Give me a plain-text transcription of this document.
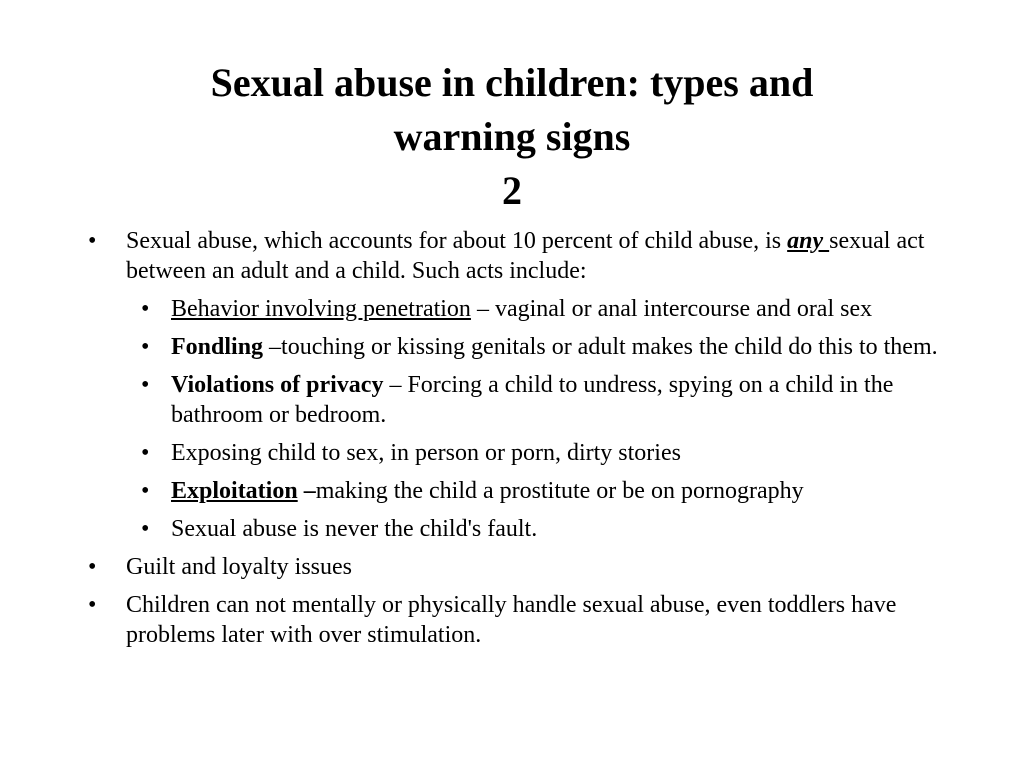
Sexual abuse in children: types and
warning signs
2
• Sexual abuse, which accounts for about 10 percent of child abuse, is any sexual act between an adult and a child. Such acts include:
• Behavior involving penetration – vaginal or anal intercourse and oral sex
• Fondling –touching or kissing genitals or adult makes the child do this to them.
• Violations of privacy – Forcing a child to undress, spying on a child in the bathroom or bedroom.
• Exposing child to sex, in person or porn, dirty stories
• Exploitation –making the child a prostitute or be on pornography
• Sexual abuse is never the child's fault.
• Guilt and loyalty issues
• Children can not mentally or physically handle sexual abuse, even toddlers have problems later with over stimulation.
